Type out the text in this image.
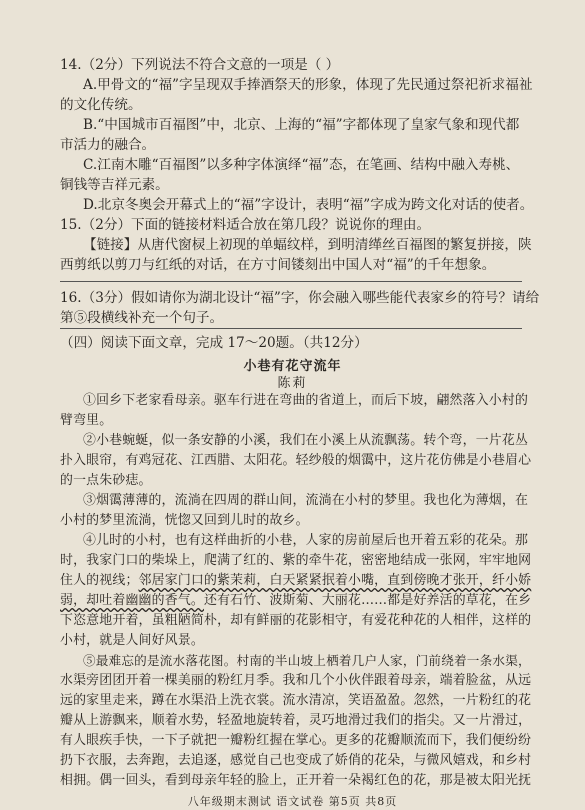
14.（2分）下列说法不符合文意的一项是（ ）
A.甲骨文的“福”字呈现双手捧酒祭天的形象，体现了先民通过祭祀祈求福祉
的文化传统。
B.“中国城市百福图”中，北京、上海的“福”字都体现了皇家气象和现代都
市活力的融合。
C.江南木雕“百福图”以多种字体演绎“福”态，在笔画、结构中融入寿桃、
铜钱等吉祥元素。
D.北京冬奥会开幕式上的“福”字设计，表明“福”字成为跨文化对话的使者。
15.（2分）下面的链接材料适合放在第几段？说说你的理由。
【链接】从唐代窗棂上初现的单蝠纹样，到明清缂丝百福图的繁复拼接，陕
西剪纸以剪刀与红纸的对话，在方寸间镂刻出中国人对“福”的千年想象。
16.（3分）假如请你为湖北设计“福”字，你会融入哪些能代表家乡的符号？请给
第⑤段横线补充一个句子。
（四）阅读下面文章，完成 17～20题。（共12分）
小巷有花守流年
陈莉
①回乡下老家看母亲。驱车行进在弯曲的省道上，而后下坡，翩然落入小村的
臂弯里。
②小巷蜿蜒，似一条安静的小溪，我们在小溪上从流飘荡。转个弯，一片花丛
扑入眼帘，有鸡冠花、江西腊、太阳花。轻纱般的烟霭中，这片花仿佛是小巷眉心
的一点朱砂痣。
③烟霭薄薄的，流淌在四周的群山间，流淌在小村的梦里。我也化为薄烟，在
小村的梦里流淌，恍惚又回到儿时的故乡。
④儿时的小村，也有这样曲折的小巷，人家的房前屋后也开着五彩的花朵。那
时，我家门口的柴垛上，爬满了红的、紫的牵牛花，密密地结成一张网，牢牢地网
住人的视线；邻居家门口的紫茉莉，白天紧紧抿着小嘴，直到傍晚才张开，纤小娇
弱，却吐着幽幽的香气。还有石竹、波斯菊、大丽花……都是好养活的草花，在乡
下恣意地开着，虽粗陋简朴，却有鲜丽的花影相守，有爱花种花的人相伴，这样的
小村，就是人间好风景。
⑤最难忘的是流水落花图。村南的半山坡上栖着几户人家，门前绕着一条水渠，
水渠旁团团开着一棵美丽的粉红月季。我和几个小伙伴跟着母亲，端着脸盆，从远
远的家里走来，蹲在水渠沿上洗衣裳。流水清凉，笑语盈盈。忽然，一片粉红的花
瓣从上游飘来，顺着水势，轻盈地旋转着，灵巧地滑过我们的指尖。又一片滑过，
有人眼疾手快，一下子就把一瓣粉红握在掌心。更多的花瓣顺流而下，我们便纷纷
扔下衣服，去奔跑，去追逐，感觉自己也变成了娇俏的花朵，与微风嬉戏，和乡村
相拥。偶一回头，看到母亲年轻的脸上，正开着一朵褐红色的花，那是被太阳光抚
八年级期末测试 语文试卷 第5页 共8页
